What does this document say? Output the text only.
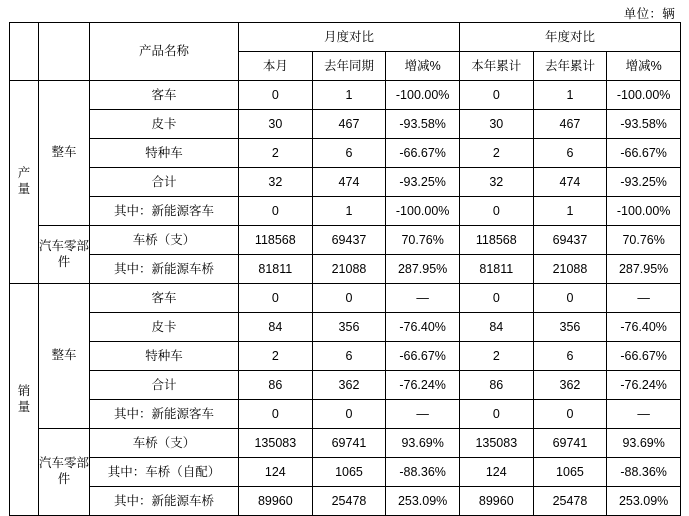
单位：辆
		产品名称	月度对比			年度对比		
			本月	去年同期	增减%	本年累计	去年累计	增减%

产
量	整车	客车	0	1	-100.00%	0	1	-100.00%
		皮卡	30	467	-93.58%	30	467	-93.58%
		特种车	2	6	-66.67%	2	6	-66.67%
		合计	32	474	-93.25%	32	474	-93.25%
		其中：新能源客车	0	1	-100.00%	0	1	-100.00%

	汽车零部件	车桥（支）	118568	69437	70.76%	118568	69437	70.76%
		其中：新能源车桥	81811	21088	287.95%	81811	21088	287.95%

销
量	整车	客车	0	0	—	0	0	—
		皮卡	84	356	-76.40%	84	356	-76.40%
		特种车	2	6	-66.67%	2	6	-66.67%
		合计	86	362	-76.24%	86	362	-76.24%
		其中：新能源客车	0	0	—	0	0	—

	汽车零部件	车桥（支）	135083	69741	93.69%	135083	69741	93.69%
		其中：车桥（自配）	124	1065	-88.36%	124	1065	-88.36%
		其中：新能源车桥	89960	25478	253.09%	89960	25478	253.09%
